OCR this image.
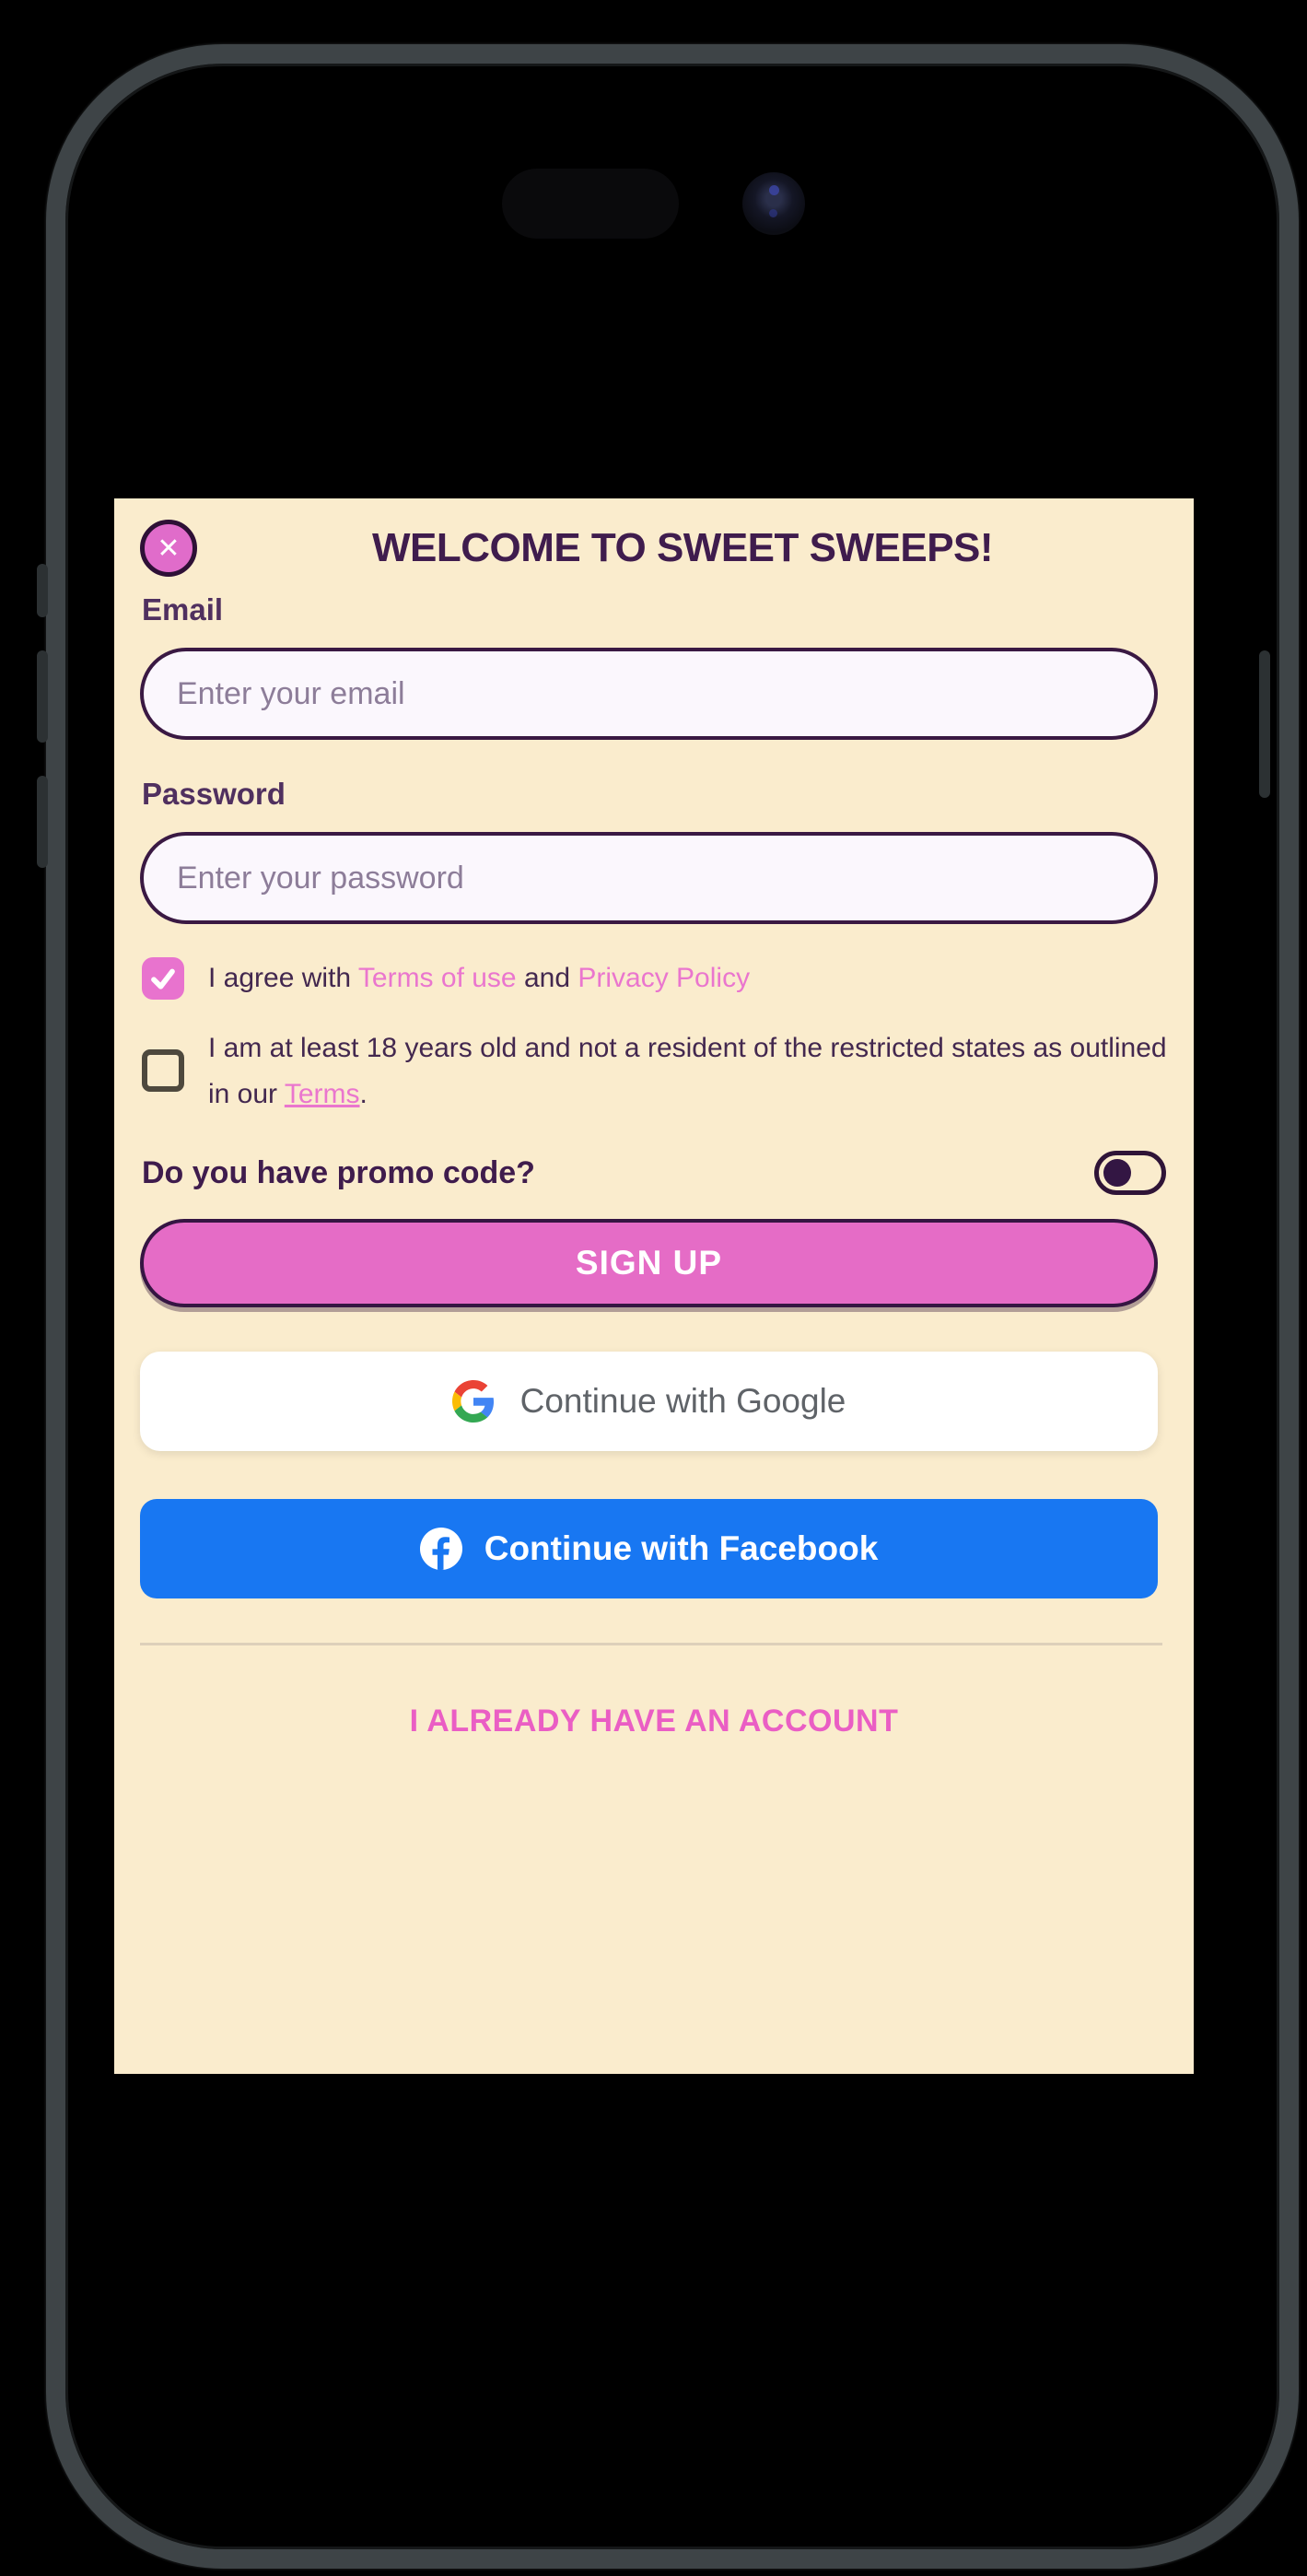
✕	WELCOME TO SWEET SWEEPS!
Email
Enter your email
Password
Enter your password
I agree with Terms of use and Privacy Policy
I am at least 18 years old and not a resident of the restricted states as outlined in our Terms.
Do you have promo code?
SIGN UP
Continue with Google
Continue with Facebook
I ALREADY HAVE AN ACCOUNT
